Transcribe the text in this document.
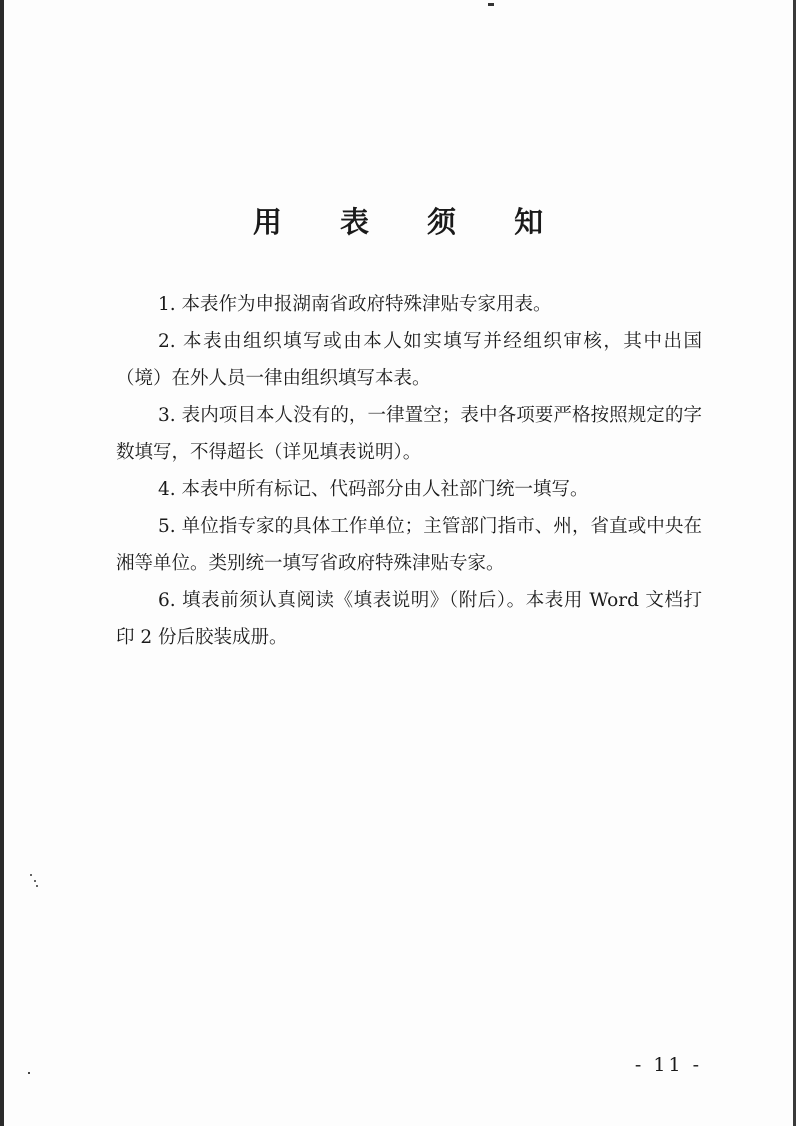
用 表 须 知

1. 本表作为申报湖南省政府特殊津贴专家用表。

2. 本表由组织填写或由本人如实填写并经组织审核，其中出国（境）在外人员一律由组织填写本表。

3. 表内项目本人没有的，一律置空；表中各项要严格按照规定的字数填写，不得超长（详见填表说明）。

4. 本表中所有标记、代码部分由人社部门统一填写。

5. 单位指专家的具体工作单位；主管部门指市、州，省直或中央在湘等单位。类别统一填写省政府特殊津贴专家。

6. 填表前须认真阅读《填表说明》（附后）。本表用 Word 文档打印 2 份后胶装成册。

- 11 -
